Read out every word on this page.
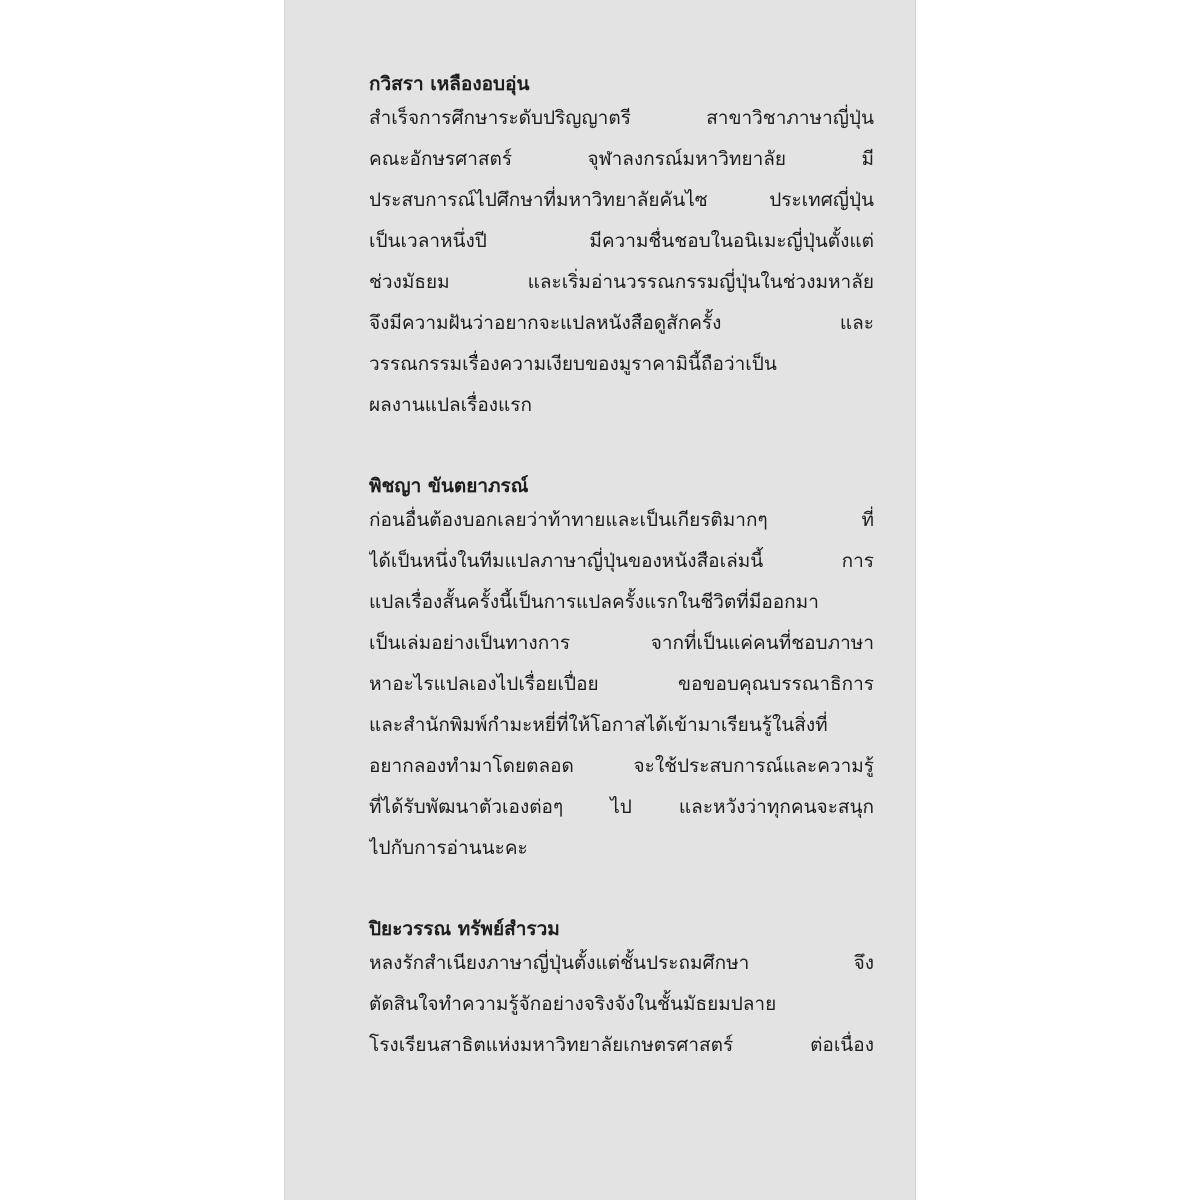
กวิสรา เหลืองอบอุ่น
สำเร็จการศึกษาระดับปริญญาตรี สาขาวิชาภาษาญี่ปุ่น
คณะอักษรศาสตร์ จุฬาลงกรณ์มหาวิทยาลัย มี
ประสบการณ์ไปศึกษาที่มหาวิทยาลัยคันไซ ประเทศญี่ปุ่น
เป็นเวลาหนึ่งปี มีความชื่นชอบในอนิเมะญี่ปุ่นตั้งแต่
ช่วงมัธยม และเริ่มอ่านวรรณกรรมญี่ปุ่นในช่วงมหาลัย
จึงมีความฝันว่าอยากจะแปลหนังสือดูสักครั้ง และ
วรรณกรรมเรื่องความเงียบของมูราคามินี้ถือว่าเป็น
ผลงานแปลเรื่องแรก
พิชญา ขันตยาภรณ์
ก่อนอื่นต้องบอกเลยว่าท้าทายและเป็นเกียรติมากๆ ที่
ได้เป็นหนึ่งในทีมแปลภาษาญี่ปุ่นของหนังสือเล่มนี้ การ
แปลเรื่องสั้นครั้งนี้เป็นการแปลครั้งแรกในชีวิตที่มีออกมา
เป็นเล่มอย่างเป็นทางการ จากที่เป็นแค่คนที่ชอบภาษา
หาอะไรแปลเองไปเรื่อยเปื่อย ขอขอบคุณบรรณาธิการ
และสำนักพิมพ์กำมะหยี่ที่ให้โอกาสได้เข้ามาเรียนรู้ในสิ่งที่
อยากลองทำมาโดยตลอด จะใช้ประสบการณ์และความรู้
ที่ได้รับพัฒนาตัวเองต่อๆ ไป และหวังว่าทุกคนจะสนุก
ไปกับการอ่านนะคะ
ปิยะวรรณ ทรัพย์สำรวม
หลงรักสำเนียงภาษาญี่ปุ่นตั้งแต่ชั้นประถมศึกษา จึง
ตัดสินใจทำความรู้จักอย่างจริงจังในชั้นมัธยมปลาย
โรงเรียนสาธิตแห่งมหาวิทยาลัยเกษตรศาสตร์ ต่อเนื่อง
